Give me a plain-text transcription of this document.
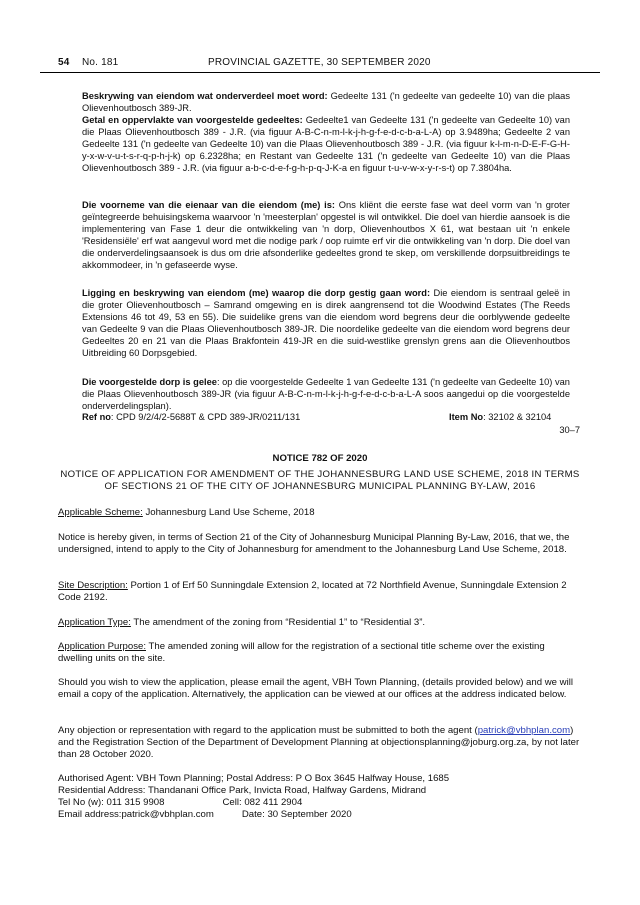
54 No. 181	PROVINCIAL GAZETTE, 30 SEPTEMBER 2020
Beskrywing van eiendom wat onderverdeel moet word: Gedeelte 131 ('n gedeelte van gedeelte 10) van die plaas Olievenhoutbosch 389-JR.
Getal en oppervlakte van voorgestelde gedeeltes: Gedeelte1 van Gedeelte 131 ('n gedeelte van Gedeelte 10) van die Plaas Olievenhoutbosch 389 - J.R. (via figuur A-B-C-n-m-l-k-j-h-g-f-e-d-c-b-a-L-A) op 3.9489ha; Gedeelte 2 van Gedeelte 131 ('n gedeelte van Gedeelte 10) van die Plaas Olievenhoutbosch 389 - J.R. (via figuur k-l-m-n-D-E-F-G-H-y-x-w-v-u-t-s-r-q-p-h-j-k) op 6.2328ha; en Restant van Gedeelte 131 ('n gedeelte van Gedeelte 10) van die Plaas Olievenhoutbosch 389 - J.R. (via figuur a-b-c-d-e-f-g-h-p-q-J-K-a en figuur t-u-v-w-x-y-r-s-t) op 7.3804ha.
Die voorneme van die eienaar van die eiendom (me) is: Ons kliënt die eerste fase wat deel vorm van 'n groter geïntegreerde behuisingskema waarvoor 'n 'meesterplan' opgestel is wil ontwikkel. Die doel van hierdie aansoek is die implementering van Fase 1 deur die ontwikkeling van 'n dorp, Olievenhoutbos X 61, wat bestaan uit 'n enkele 'Residensiële' erf wat aangevul word met die nodige park / oop ruimte erf vir die ontwikkeling van 'n dorp. Die doel van die onderverdelingsaansoek is dus om drie afsonderlike gedeeltes grond te skep, om verskillende dorpsuitbreidings te akkommodeer, in 'n gefaseerde wyse.
Ligging en beskrywing van eiendom (me) waarop die dorp gestig gaan word: Die eiendom is sentraal geleë in die groter Olievenhoutbosch – Samrand omgewing en is direk aangrensend tot die Woodwind Estates (The Reeds Extensions 46 tot 49, 53 en 55). Die suidelike grens van die eiendom word begrens deur die oorblywende gedeelte van Gedeelte 9 van die Plaas Olievenhoutbosch 389-JR. Die noordelike gedeelte van die eiendom word begrens deur Gedeeltes 20 en 21 van die Plaas Brakfontein 419-JR en die suid-westlike grenslyn grens aan die Olievenhoutbos Uitbreiding 60 Dorpsgebied.
Die voorgestelde dorp is gelee: op die voorgestelde Gedeelte 1 van Gedeelte 131 ('n gedeelte van Gedeelte 10) van die Plaas Olievenhoutbosch 389-JR (via figuur A-B-C-n-m-l-k-j-h-g-f-e-d-c-b-a-L-A soos aangedui op die voorgestelde onderverdelingsplan).
Ref no: CPD 9/2/4/2-5688T & CPD 389-JR/0211/131	Item No: 32102 & 32104
30–7
NOTICE 782 OF 2020
NOTICE OF APPLICATION FOR AMENDMENT OF THE JOHANNESBURG LAND USE SCHEME, 2018 IN TERMS OF SECTIONS 21 OF THE CITY OF JOHANNESBURG MUNICIPAL PLANNING BY-LAW, 2016
Applicable Scheme: Johannesburg Land Use Scheme, 2018
Notice is hereby given, in terms of Section 21 of the City of Johannesburg Municipal Planning By-Law, 2016, that we, the undersigned, intend to apply to the City of Johannesburg for amendment to the Johannesburg Land Use Scheme, 2018.
Site Description: Portion 1 of Erf 50 Sunningdale Extension 2, located at 72 Northfield Avenue, Sunningdale Extension 2 Code 2192.
Application Type: The amendment of the zoning from “Residential 1” to “Residential 3”.
Application Purpose: The amended zoning will allow for the registration of a sectional title scheme over the existing dwelling units on the site.
Should you wish to view the application, please email the agent, VBH Town Planning, (details provided below) and we will email a copy of the application. Alternatively, the application can be viewed at our offices at the address indicated below.
Any objection or representation with regard to the application must be submitted to both the agent (patrick@vbhplan.com) and the Registration Section of the Department of Development Planning at objectionsplanning@joburg.org.za, by not later than 28 October 2020.
Authorised Agent: VBH Town Planning; Postal Address: P O Box 3645 Halfway House, 1685
Residential Address: Thandanani Office Park, Invicta Road, Halfway Gardens, Midrand
Tel No (w): 011 315 9908	Cell: 082 411 2904
Email address:patrick@vbhplan.com	Date: 30 September 2020
